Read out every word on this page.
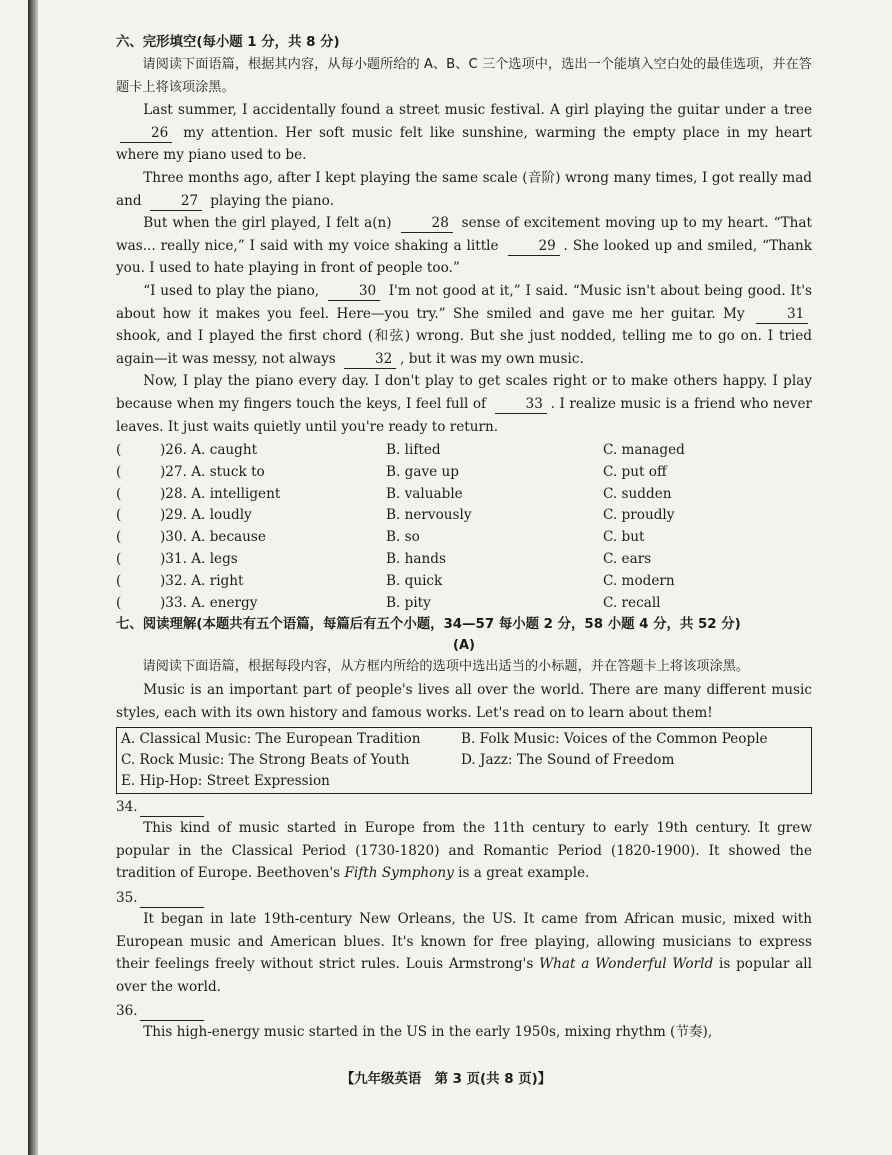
六、完形填空(每小题 1 分，共 8 分)

请阅读下面语篇，根据其内容，从每小题所给的 A、B、C 三个选项中，选出一个能填入空白处的最佳选项，并在答题卡上将该项涂黑。

Last summer, I accidentally found a street music festival. A girl playing the guitar under a tree 26 my attention. Her soft music felt like sunshine, warming the empty place in my heart where my piano used to be.

Three months ago, after I kept playing the same scale (音阶) wrong many times, I got really mad and	27 playing the piano.

But when the girl played, I felt a(n)	28 sense of excitement moving up to my heart. “That was... really nice,” I said with my voice shaking a little	29 . She looked up and smiled, “Thank you. I used to hate playing in front of people too.”

“I used to play the piano,	30 I'm not good at it,” I said. “Music isn't about being good. It's about how it makes you feel. Here—you try.” She smiled and gave me her guitar. My	31 shook, and I played the first chord (和弦) wrong. But she just nodded, telling me to go on. I tried again—it was messy, not always	32 , but it was my own music.

Now, I play the piano every day. I don't play to get scales right or to make others happy. I play because when my fingers touch the keys, I feel full of	33 . I realize music is a friend who never leaves. It just waits quietly until you're ready to return.

(	)26. A. caught	B. lifted	C. managed
(	)27. A. stuck to	B. gave up	C. put off
(	)28. A. intelligent	B. valuable	C. sudden
(	)29. A. loudly	B. nervously	C. proudly
(	)30. A. because	B. so	C. but
(	)31. A. legs	B. hands	C. ears
(	)32. A. right	B. quick	C. modern
(	)33. A. energy	B. pity	C. recall
七、阅读理解(本题共有五个语篇，每篇后有五个小题，34—57 每小题 2 分，58 小题 4 分，共 52 分)
(A)

请阅读下面语篇，根据每段内容，从方框内所给的选项中选出适当的小标题，并在答题卡上将该项涂黑。

Music is an important part of people's lives all over the world. There are many different music styles, each with its own history and famous works. Let's read on to learn about them!

A. Classical Music: The European Tradition	B. Folk Music: Voices of the Common People
C. Rock Music: The Strong Beats of Youth	D. Jazz: The Sound of Freedom
E. Hip-Hop: Street Expression
34.

This kind of music started in Europe from the 11th century to early 19th century. It grew popular in the Classical Period (1730-1820) and Romantic Period (1820-1900). It showed the tradition of Europe. Beethoven's Fifth Symphony is a great example.

35.

It began in late 19th-century New Orleans, the US. It came from African music, mixed with European music and American blues. It's known for free playing, allowing musicians to express their feelings freely without strict rules. Louis Armstrong's What a Wonderful World is popular all over the world.

36.

This high-energy music started in the US in the early 1950s, mixing rhythm (节奏),

【九年级英语　第 3 页(共 8 页)】
